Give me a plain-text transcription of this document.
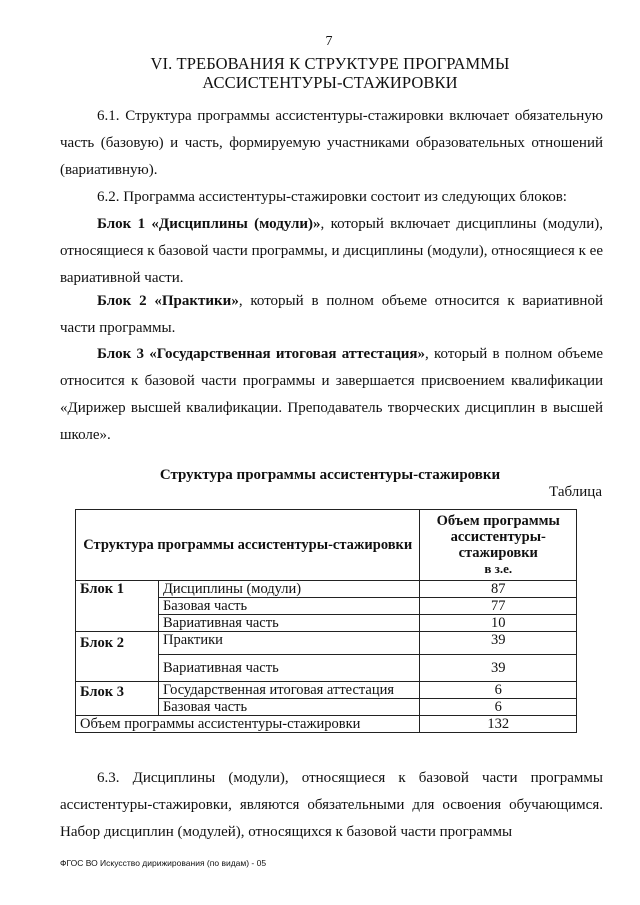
7
VI. ТРЕБОВАНИЯ К СТРУКТУРЕ ПРОГРАММЫ
АССИСТЕНТУРЫ-СТАЖИРОВКИ

6.1. Структура программы ассистентуры-стажировки включает обязательную часть (базовую) и часть, формируемую участниками образовательных отношений (вариативную).

6.2. Программа ассистентуры-стажировки состоит из следующих блоков:

Блок 1 «Дисциплины (модули)», который включает дисциплины (модули), относящиеся к базовой части программы, и дисциплины (модули), относящиеся к ее вариативной части.

Блок 2 «Практики», который в полном объеме относится к вариативной части программы.

Блок 3 «Государственная итоговая аттестация», который в полном объеме относится к базовой части программы и завершается присвоением квалификации «Дирижер высшей квалификации. Преподаватель творческих дисциплин в высшей школе».

Структура программы ассистентуры-стажировки
Таблица
Структура программы ассистентуры-стажировки		Объем программы ассистентуры-стажировки
в з.е.

Блок 1	Дисциплины (модули)	87
	Базовая часть	77
	Вариативная часть	10
Блок 2	Практики	39
	Вариативная часть	39
Блок 3	Государственная итоговая аттестация	6
	Базовая часть	6
Объем программы ассистентуры-стажировки		132

6.3. Дисциплины (модули), относящиеся к базовой части программы ассистентуры-стажировки, являются обязательными для освоения обучающимся. Набор дисциплин (модулей), относящихся к базовой части программы

ФГОС ВО Искусство дирижирования (по видам) - 05
